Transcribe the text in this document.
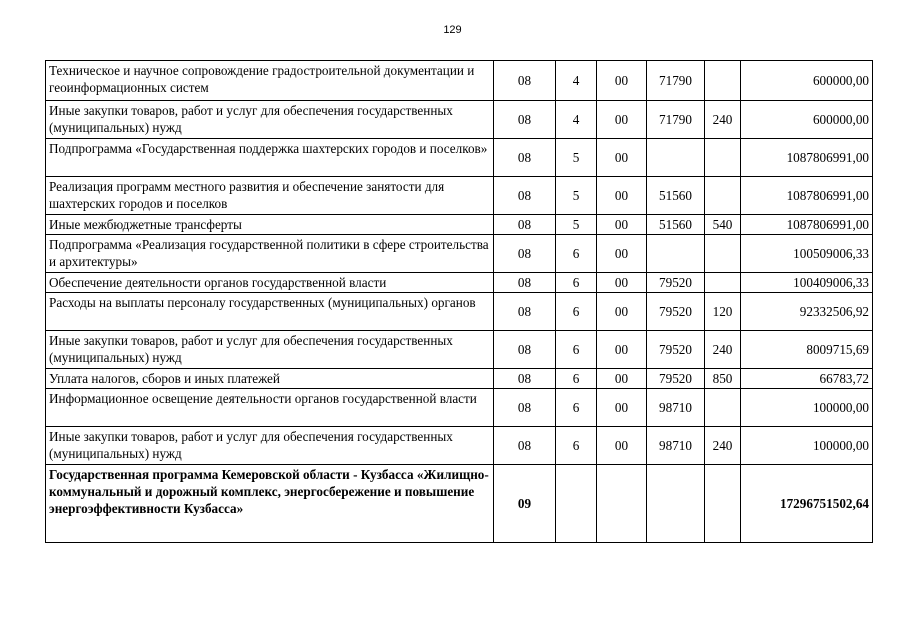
129
Техническое и научное сопровождение градостроительной документации и геоинформационных систем	08	4	00	71790		600000,00
Иные закупки товаров, работ и услуг для обеспечения государственных (муниципальных) нужд	08	4	00	71790	240	600000,00
Подпрограмма «Государственная поддержка шахтерских городов и поселков»	08	5	00			1087806991,00
Реализация программ местного развития и обеспечение занятости для шахтерских городов и поселков	08	5	00	51560		1087806991,00
Иные межбюджетные трансферты	08	5	00	51560	540	1087806991,00
Подпрограмма «Реализация государственной политики в сфере строительства и архитектуры»	08	6	00			100509006,33
Обеспечение деятельности органов государственной власти	08	6	00	79520		100409006,33
Расходы на выплаты персоналу государственных (муниципальных) органов	08	6	00	79520	120	92332506,92
Иные закупки товаров, работ и услуг для обеспечения государственных (муниципальных) нужд	08	6	00	79520	240	8009715,69
Уплата налогов, сборов и иных платежей	08	6	00	79520	850	66783,72
Информационное освещение деятельности органов государственной власти	08	6	00	98710		100000,00
Иные закупки товаров, работ и услуг для обеспечения государственных (муниципальных) нужд	08	6	00	98710	240	100000,00
Государственная программа Кемеровской области - Кузбасса «Жилищно-коммунальный и дорожный комплекс, энергосбережение и повышение энергоэффективности Кузбасса»	09					17296751502,64
